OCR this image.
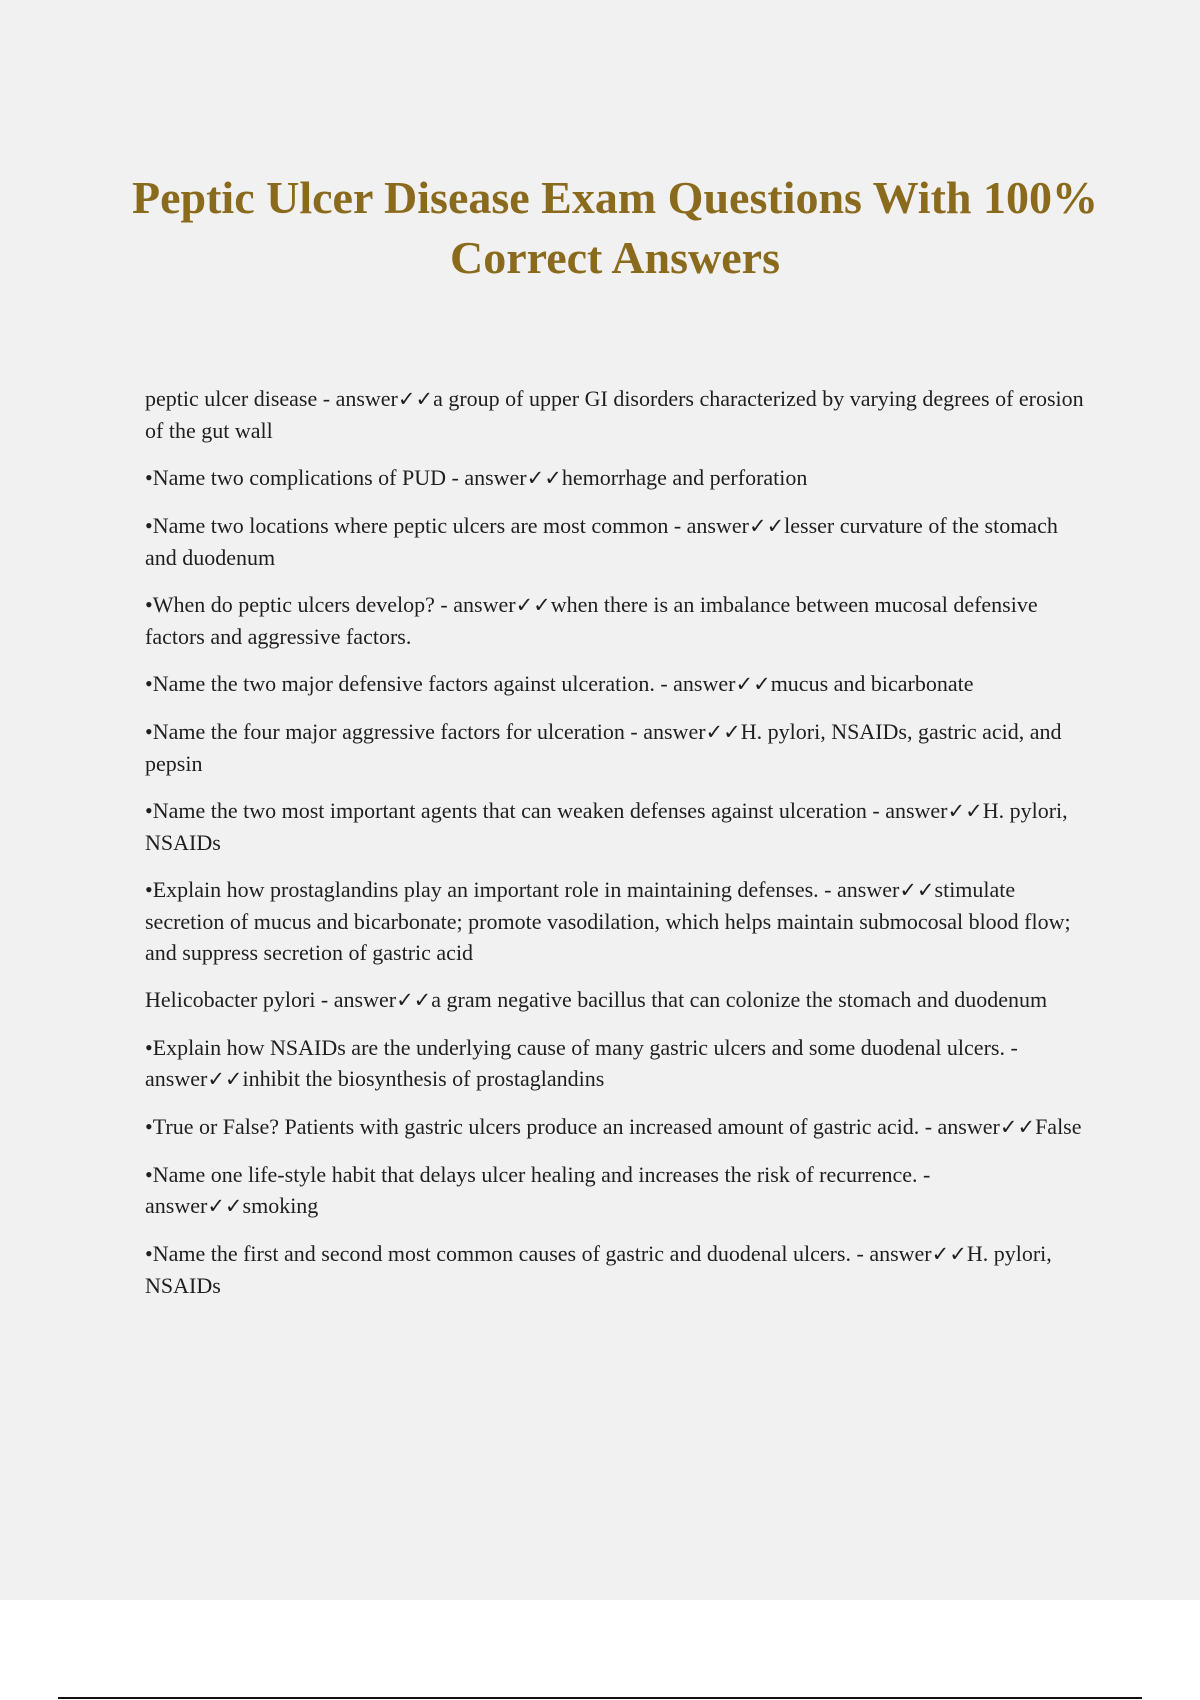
Peptic Ulcer Disease Exam Questions With 100% Correct Answers
peptic ulcer disease - answer✓✓a group of upper GI disorders characterized by varying degrees of erosion of the gut wall
•Name two complications of PUD - answer✓✓hemorrhage and perforation
•Name two locations where peptic ulcers are most common - answer✓✓lesser curvature of the stomach and duodenum
•When do peptic ulcers develop? - answer✓✓when there is an imbalance between mucosal defensive factors and aggressive factors.
•Name the two major defensive factors against ulceration. - answer✓✓mucus and bicarbonate
•Name the four major aggressive factors for ulceration - answer✓✓H. pylori, NSAIDs, gastric acid, and pepsin
•Name the two most important agents that can weaken defenses against ulceration - answer✓✓H. pylori, NSAIDs
•Explain how prostaglandins play an important role in maintaining defenses. - answer✓✓stimulate secretion of mucus and bicarbonate; promote vasodilation, which helps maintain submocosal blood flow; and suppress secretion of gastric acid
Helicobacter pylori - answer✓✓a gram negative bacillus that can colonize the stomach and duodenum
•Explain how NSAIDs are the underlying cause of many gastric ulcers and some duodenal ulcers. - answer✓✓inhibit the biosynthesis of prostaglandins
•True or False? Patients with gastric ulcers produce an increased amount of gastric acid. - answer✓✓False
•Name one life-style habit that delays ulcer healing and increases the risk of recurrence. - answer✓✓smoking
•Name the first and second most common causes of gastric and duodenal ulcers. - answer✓✓H. pylori, NSAIDs
